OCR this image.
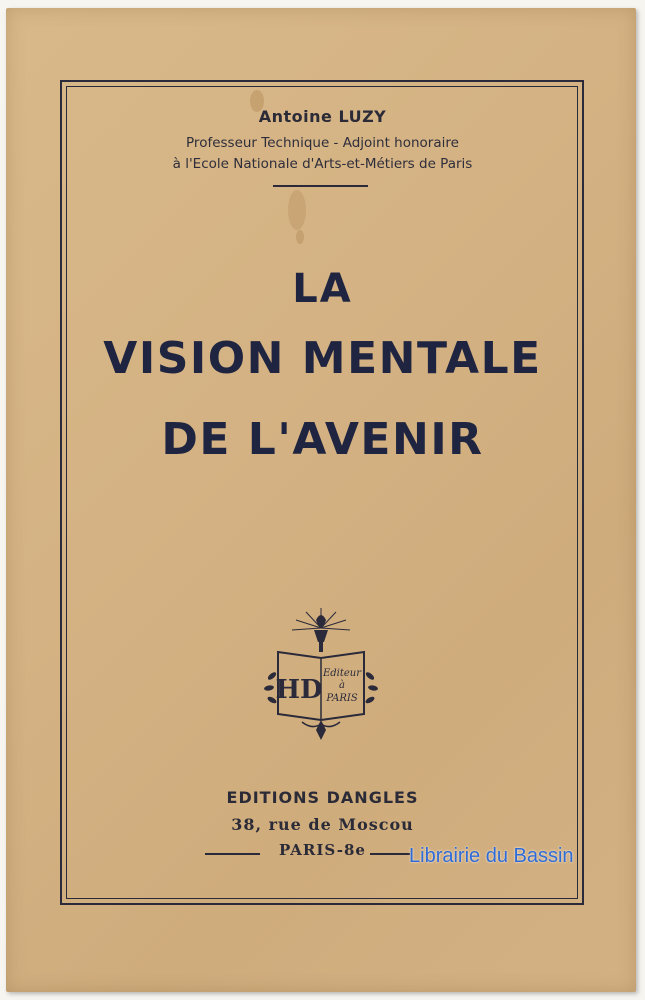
Antoine LUZY
Professeur Technique - Adjoint honoraire
à l'Ecole Nationale d'Arts-et-Métiers de Paris
LA
VISION MENTALE
DE L'AVENIR
HD
Editeur
à
PARIS
EDITIONS DANGLES
38, rue de Moscou
PARIS-8e	Librairie du Bassin
